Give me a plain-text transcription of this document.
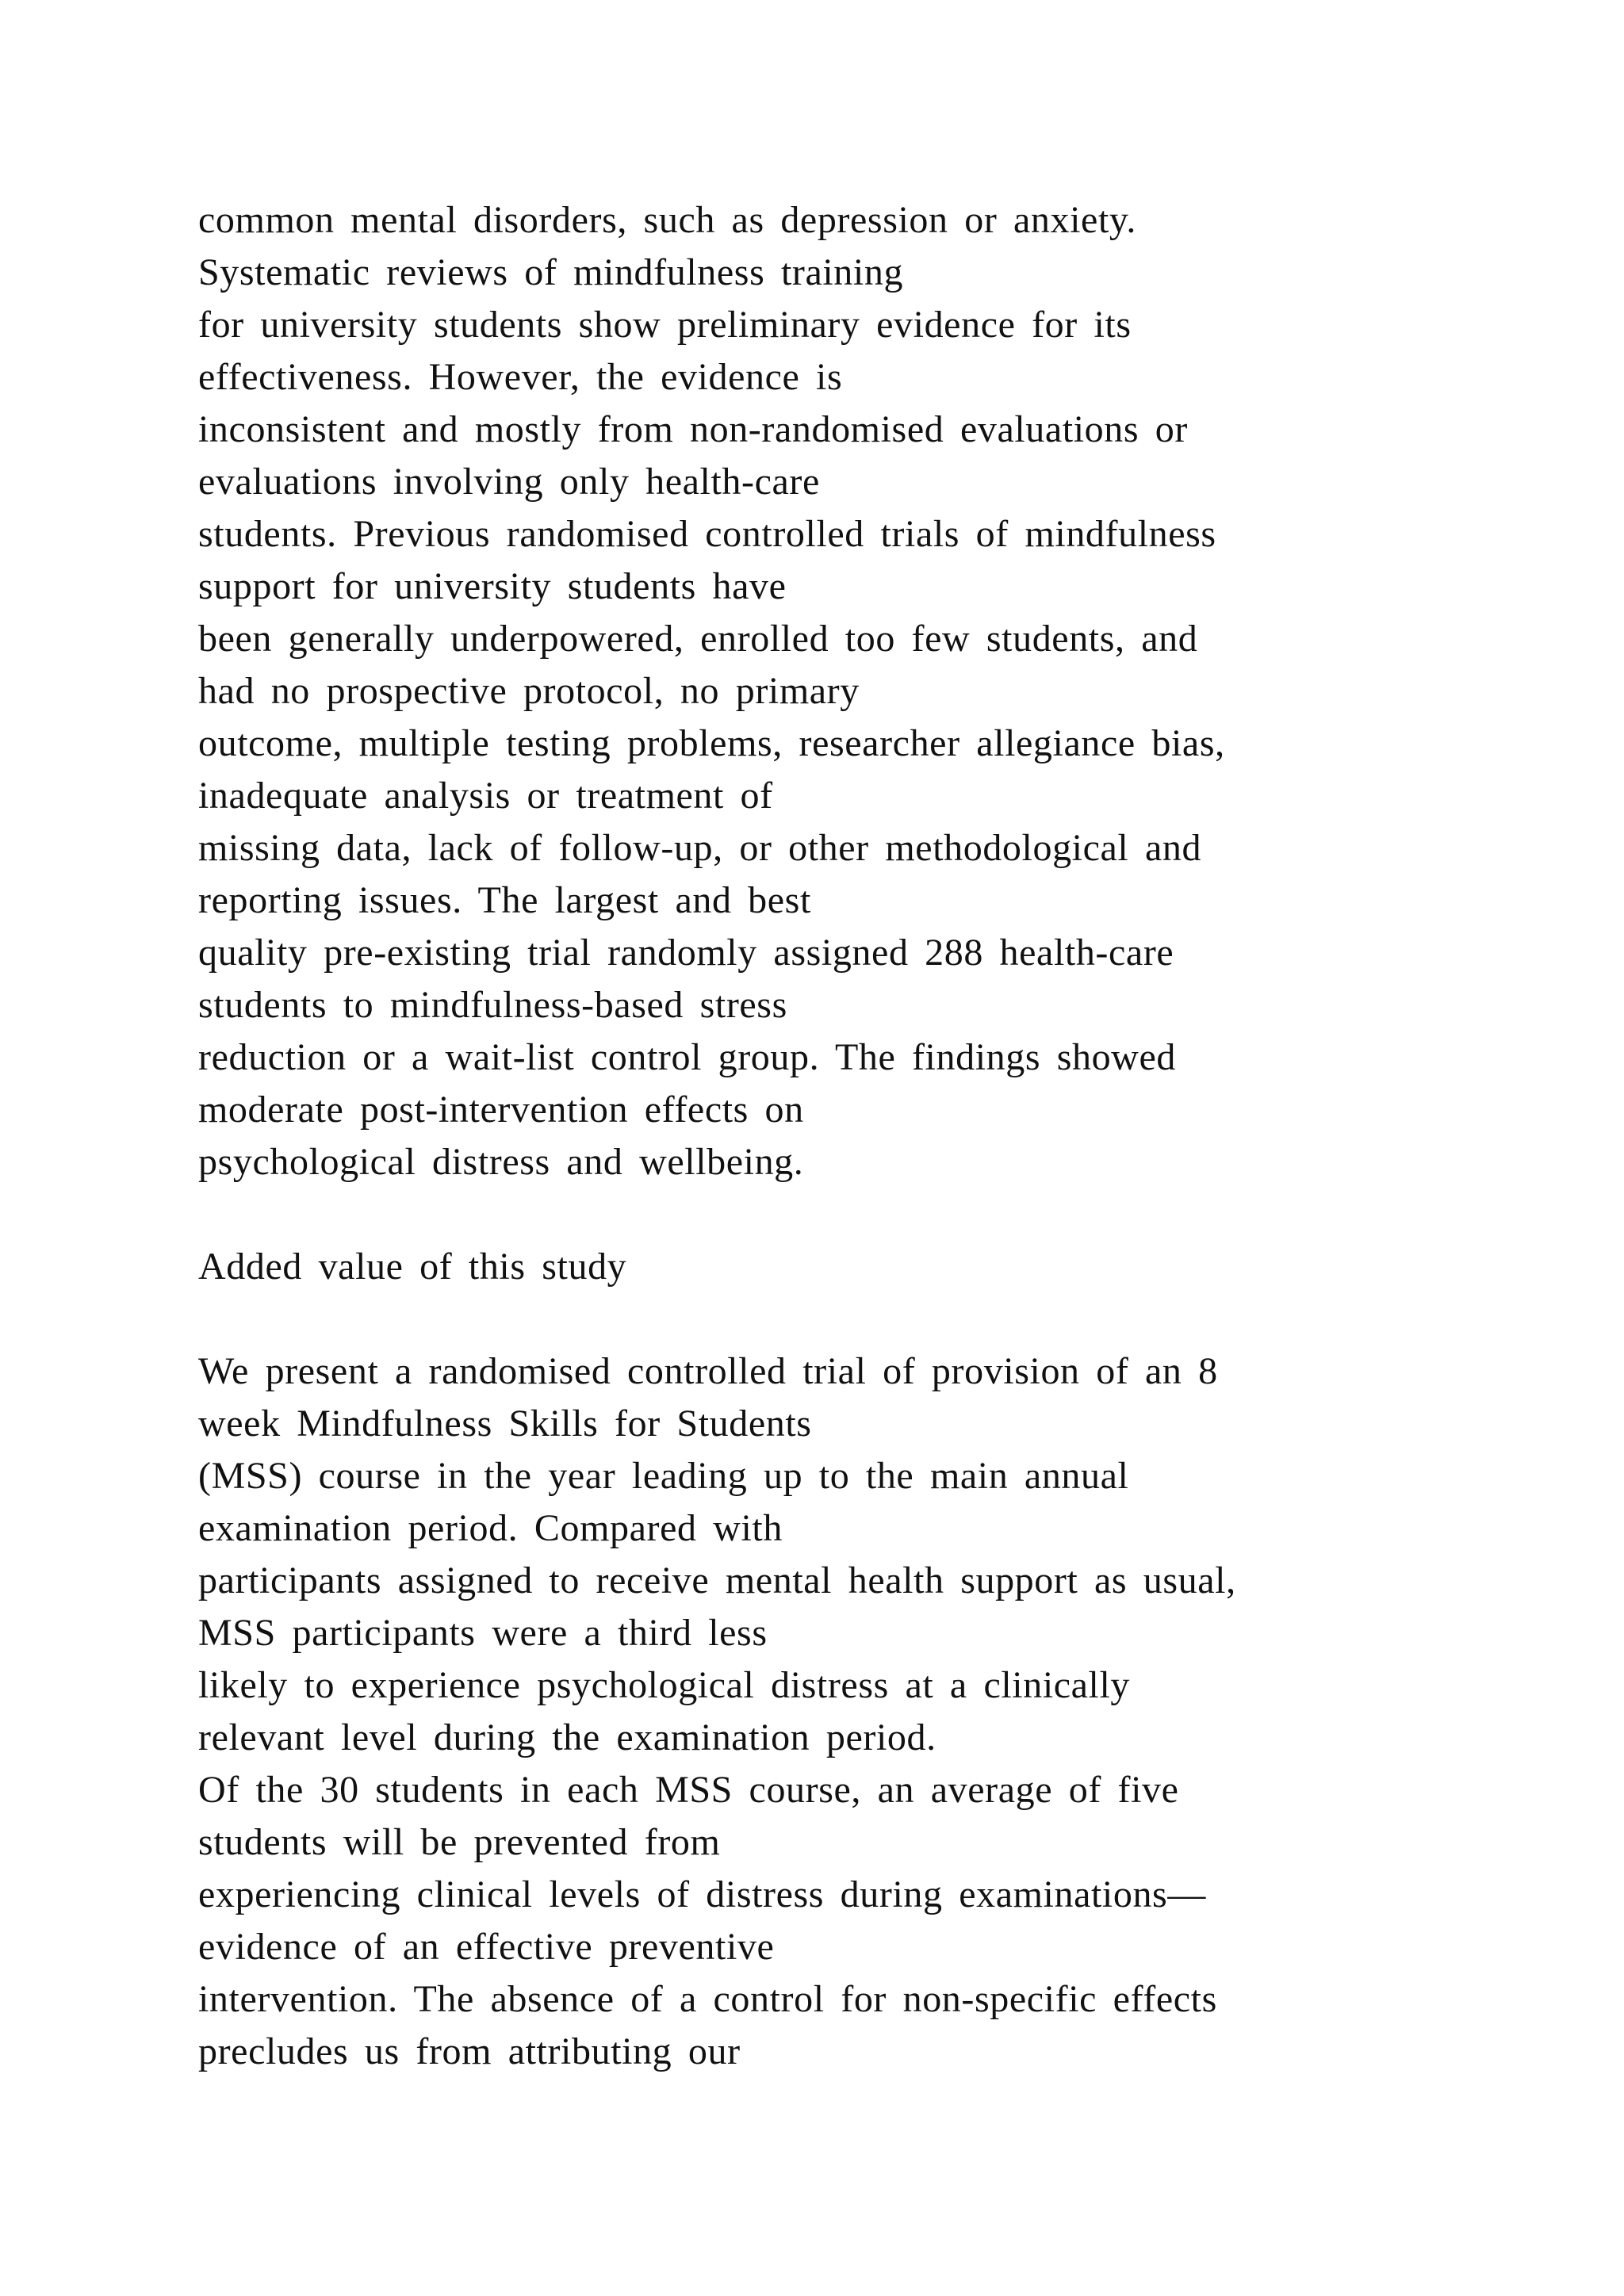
common mental disorders, such as depression or anxiety.
Systematic reviews of mindfulness training
for university students show preliminary evidence for its
effectiveness. However, the evidence is
inconsistent and mostly from non-randomised evaluations or
evaluations involving only health-care
students. Previous randomised controlled trials of mindfulness
support for university students have
been generally underpowered, enrolled too few students, and
had no prospective protocol, no primary
outcome, multiple testing problems, researcher allegiance bias,
inadequate analysis or treatment of
missing data, lack of follow-up, or other methodological and
reporting issues. The largest and best
quality pre-existing trial randomly assigned 288 health-care
students to mindfulness-based stress
reduction or a wait-list control group. The findings showed
moderate post-intervention effects on
psychological distress and wellbeing.
Added value of this study
We present a randomised controlled trial of provision of an 8
week Mindfulness Skills for Students
(MSS) course in the year leading up to the main annual
examination period. Compared with
participants assigned to receive mental health support as usual,
MSS participants were a third less
likely to experience psychological distress at a clinically
relevant level during the examination period.
Of the 30 students in each MSS course, an average of five
students will be prevented from
experiencing clinical levels of distress during examinations—
evidence of an effective preventive
intervention. The absence of a control for non-specific effects
precludes us from attributing our
